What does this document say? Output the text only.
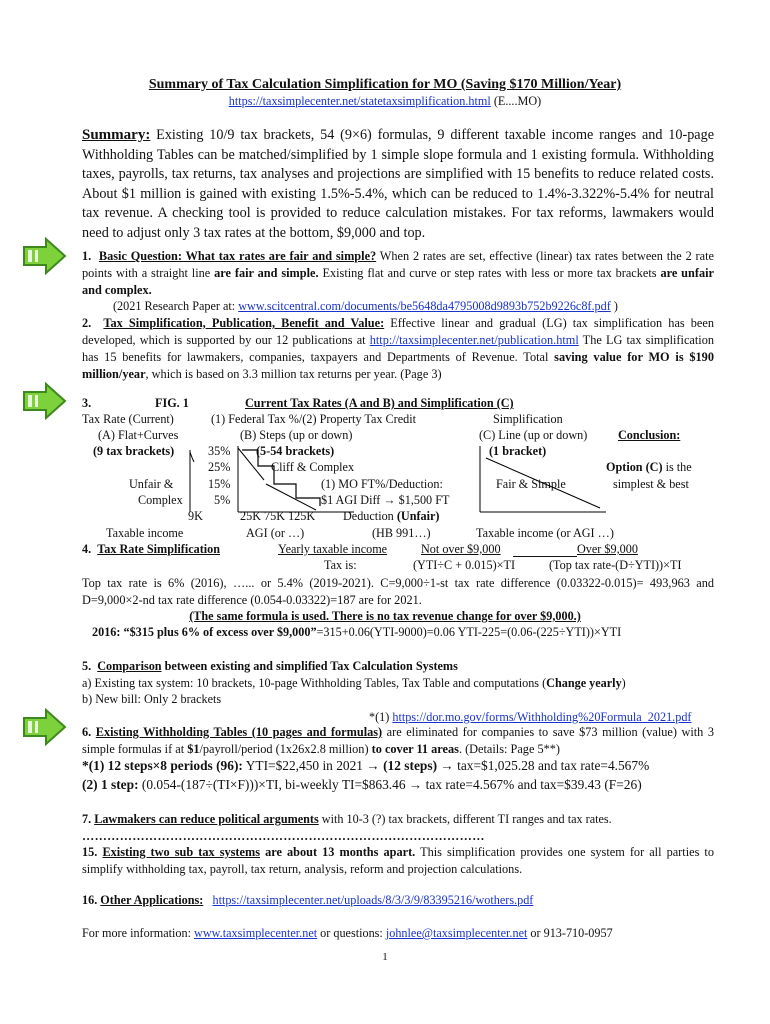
Summary of Tax Calculation Simplification for MO (Saving $170 Million/Year)
https://taxsimplecenter.net/statetaxsimplification.html (E....MO)
Summary: Existing 10/9 tax brackets, 54 (9×6) formulas, 9 different taxable income ranges and 10-page Withholding Tables can be matched/simplified by 1 simple slope formula and 1 existing formula. Withholding taxes, payrolls, tax returns, tax analyses and projections are simplified with 15 benefits to reduce related costs. About $1 million is gained with existing 1.5%-5.4%, which can be reduced to 1.4%-3.322%-5.4% for neutral tax revenue. A checking tool is provided to reduce calculation mistakes. For tax reforms, lawmakers would need to adjust only 3 tax rates at the bottom, $9,000 and top.
1. Basic Question: What tax rates are fair and simple? When 2 rates are set, effective (linear) tax rates between the 2 rate points with a straight line are fair and simple. Existing flat and curve or step rates with less or more tax brackets are unfair and complex.
(2021 Research Paper at: www.scitcentral.com/documents/be5648da4795008d9893b752b9226c8f.pdf )
2. Tax Simplification, Publication, Benefit and Value: Effective linear and gradual (LG) tax simplification has been developed, which is supported by our 12 publications at http://taxsimplecenter.net/publication.html The LG tax simplification has 15 benefits for lawmakers, companies, taxpayers and Departments of Revenue. Total saving value for MO is $190 million/year, which is based on 3.3 million tax returns per year. (Page 3)
3.	FIG. 1	Current Tax Rates (A and B) and Simplification (C)
Tax Rate (Current)	(1) Federal Tax %/(2) Property Tax Credit	Simplification
(A) Flat+Curves
(9 tax brackets)
Unfair &
Complex
9K
Taxable income
35%
25%
15%
5%
(B) Steps (up or down)
(5-54 brackets)
Cliff & Complex
(1) MO FT%/Deduction:
$1 AGI Diff → $1,500 FT
25K 75K 125K Deduction (Unfair)
AGI (or …)	(HB 991…)
(C) Line (up or down)
(1 bracket)
Fair & Simple
Taxable income (or AGI …)
Conclusion:
Option (C) is the
simplest & best
4. Tax Rate Simplification	Yearly taxable income	Not over $9,000	Over $9,000
Tax is:	(YTI÷C + 0.015)×TI	(Top tax rate-(D÷YTI))×TI
Top tax rate is 6% (2016), …... or 5.4% (2019-2021). C=9,000÷1-st tax rate difference (0.03322-0.015)= 493,963 and D=9,000×2-nd tax rate difference (0.054-0.03322)=187 are for 2021.
(The same formula is used. There is no tax revenue change for over $9,000.)
2016: “$315 plus 6% of excess over $9,000”=315+0.06(YTI-9000)=0.06 YTI-225=(0.06-(225÷YTI))×YTI
5. Comparison between existing and simplified Tax Calculation Systems
a) Existing tax system: 10 brackets, 10-page Withholding Tables, Tax Table and computations (Change yearly)
b) New bill: Only 2 brackets
*(1) https://dor.mo.gov/forms/Withholding%20Formula_2021.pdf
6. Existing Withholding Tables (10 pages and formulas) are eliminated for companies to save $73 million (value) with 3 simple formulas if at $1/payroll/period (1x26x2.8 million) to cover 11 areas. (Details: Page 5**)
*(1) 12 steps×8 periods (96): YTI=$22,450 in 2021 → (12 steps) → tax=$1,025.28 and tax rate=4.567%
(2) 1 step: (0.054-(187÷(TI×F)))×TI, bi-weekly TI=$863.46 → tax rate=4.567% and tax=$39.43 (F=26)
7. Lawmakers can reduce political arguments with 10-3 (?) tax brackets, different TI ranges and tax rates.
……………………………………………………………………………………
15. Existing two sub tax systems are about 13 months apart. This simplification provides one system for all parties to simplify withholding tax, payroll, tax return, analysis, reform and projection calculations.
16. Other Applications: https://taxsimplecenter.net/uploads/8/3/3/9/83395216/wothers.pdf
For more information: www.taxsimplecenter.net or questions: johnlee@taxsimplecenter.net or 913-710-0957
1
